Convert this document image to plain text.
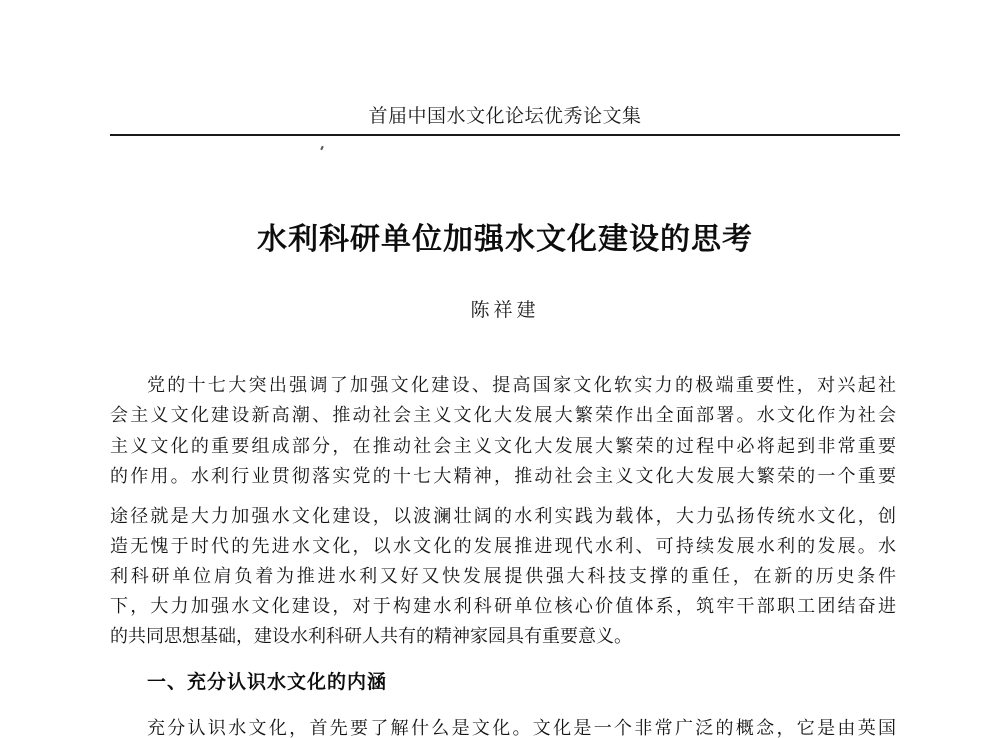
首届中国水文化论坛优秀论文集
水利科研单位加强水文化建设的思考
陈祥建
党的十七大突出强调了加强文化建设、提高国家文化软实力的极端重要性，对兴起社
会主义文化建设新高潮、推动社会主义文化大发展大繁荣作出全面部署。水文化作为社会
主义文化的重要组成部分，在推动社会主义文化大发展大繁荣的过程中必将起到非常重要
的作用。水利行业贯彻落实党的十七大精神，推动社会主义文化大发展大繁荣的一个重要
途径就是大力加强水文化建设，以波澜壮阔的水利实践为载体，大力弘扬传统水文化，创
造无愧于时代的先进水文化，以水文化的发展推进现代水利、可持续发展水利的发展。水
利科研单位肩负着为推进水利又好又快发展提供强大科技支撑的重任，在新的历史条件
下，大力加强水文化建设，对于构建水利科研单位核心价值体系，筑牢干部职工团结奋进
的共同思想基础，建设水利科研人共有的精神家园具有重要意义。
一、充分认识水文化的内涵
充分认识水文化，首先要了解什么是文化。文化是一个非常广泛的概念，它是由英国
